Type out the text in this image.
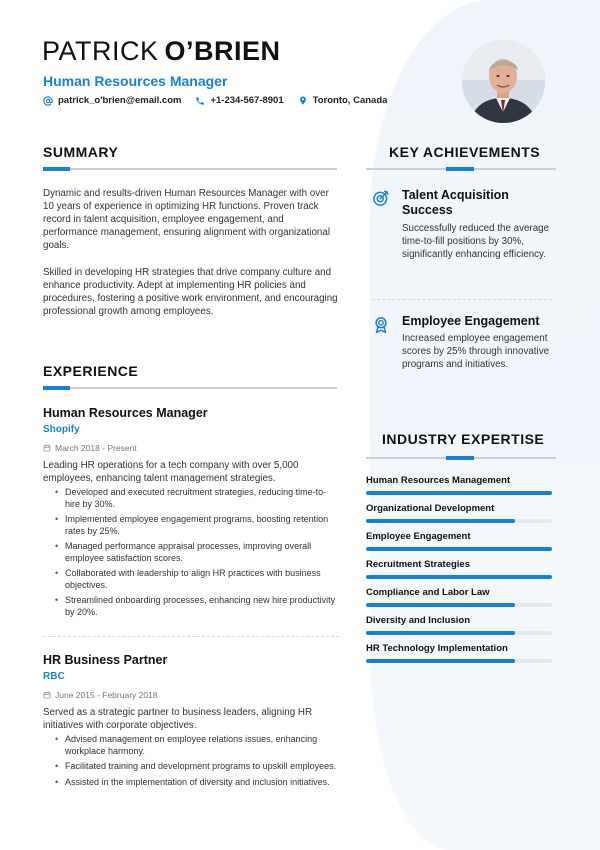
PATRICK O’BRIEN
Human Resources Manager
patrick_o'brien@email.com	+1-234-567-8901	Toronto, Canada
SUMMARY

Dynamic and results-driven Human Resources Manager with over 10 years of experience in optimizing HR functions. Proven track record in talent acquisition, employee engagement, and performance management, ensuring alignment with organizational goals.

Skilled in developing HR strategies that drive company culture and enhance productivity. Adept at implementing HR policies and procedures, fostering a positive work environment, and encouraging professional growth among employees.

EXPERIENCE
Human Resources Manager
Shopify
March 2018 - Present

Leading HR operations for a tech company with over 5,000 employees, enhancing talent management strategies.

• Developed and executed recruitment strategies, reducing time-to-hire by 30%.
• Implemented employee engagement programs, boosting retention rates by 25%.
• Managed performance appraisal processes, improving overall employee satisfaction scores.
• Collaborated with leadership to align HR practices with business objectives.
• Streamlined onboarding processes, enhancing new hire productivity by 20%.
HR Business Partner
RBC
June 2015 - February 2018

Served as a strategic partner to business leaders, aligning HR initiatives with corporate objectives.

• Advised management on employee relations issues, enhancing workplace harmony.
• Facilitated training and development programs to upskill employees.
• Assisted in the implementation of diversity and inclusion initiatives.
KEY ACHIEVEMENTS
Talent Acquisition Success

Successfully reduced the average time-to-fill positions by 30%, significantly enhancing efficiency.

Employee Engagement

Increased employee engagement scores by 25% through innovative programs and initiatives.

INDUSTRY EXPERTISE
Human Resources Management
Organizational Development
Employee Engagement
Recruitment Strategies
Compliance and Labor Law
Diversity and Inclusion
HR Technology Implementation
